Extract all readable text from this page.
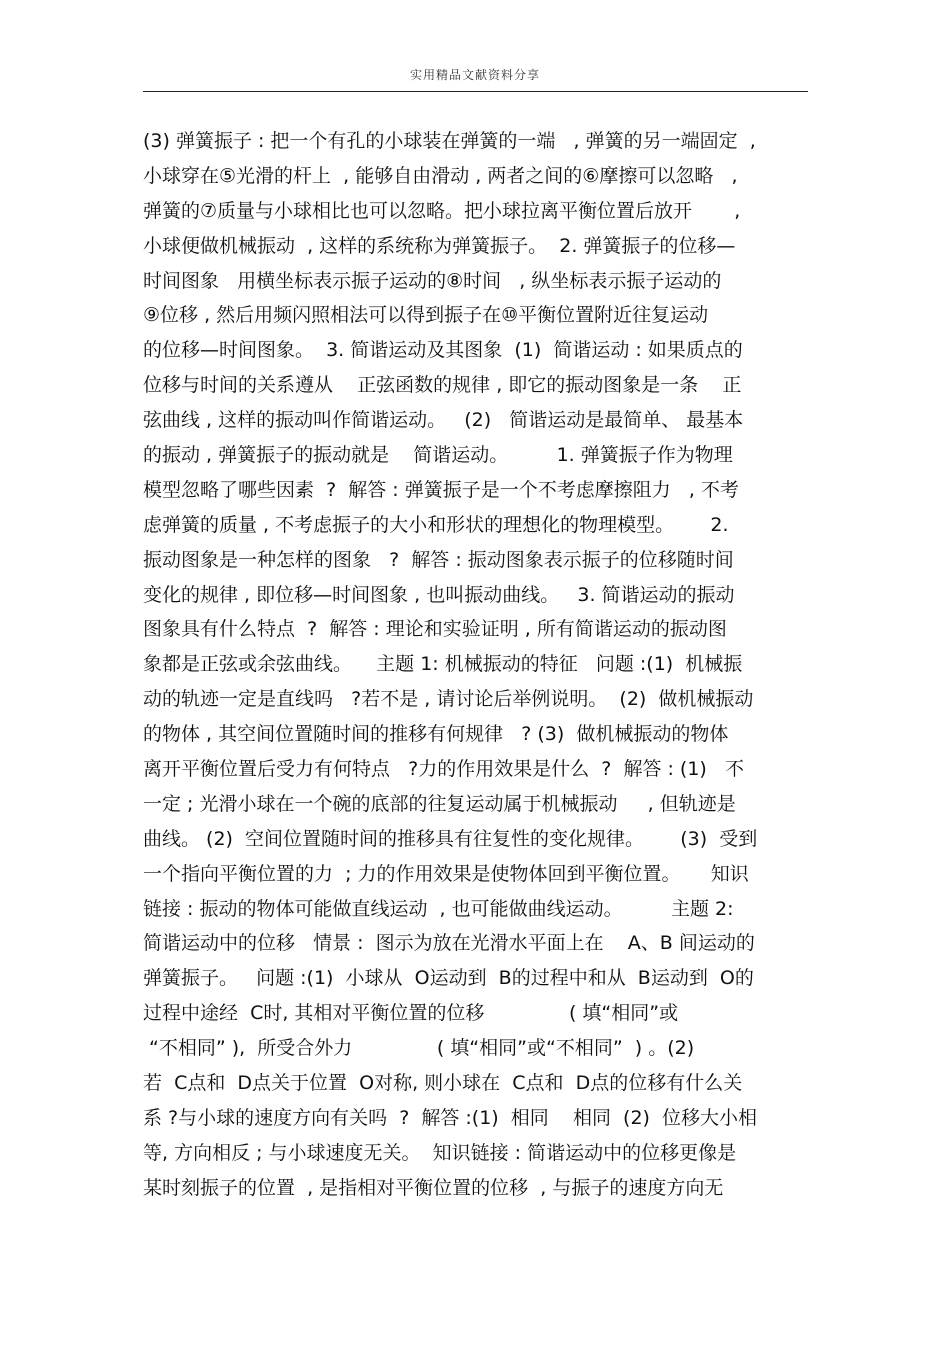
实用精品文献资料分享
(3) 弹簧振子 : 把一个有孔的小球装在弹簧的一端   , 弹簧的另一端固定  ,
小球穿在⑤光滑的杆上  , 能够自由滑动 , 两者之间的⑥摩擦可以忽略   ,
弹簧的⑦质量与小球相比也可以忽略。把小球拉离平衡位置后放开       ,
小球便做机械振动  , 这样的系统称为弹簧振子。  2. 弹簧振子的位移—
时间图象   用横坐标表示振子运动的⑧时间   , 纵坐标表示振子运动的
⑨位移 , 然后用频闪照相法可以得到振子在⑩平衡位置附近往复运动
的位移—时间图象。  3. 简谐运动及其图象  (1)  简谐运动 : 如果质点的
位移与时间的关系遵从    正弦函数的规律 , 即它的振动图象是一条    正
弦曲线 , 这样的振动叫作简谐运动。   (2)   简谐运动是最简单、 最基本
的振动 , 弹簧振子的振动就是    简谐运动。        1. 弹簧振子作为物理
模型忽略了哪些因素  ?  解答 : 弹簧振子是一个不考虑摩擦阻力   , 不考
虑弹簧的质量 , 不考虑振子的大小和形状的理想化的物理模型。      2.
振动图象是一种怎样的图象   ?  解答 : 振动图象表示振子的位移随时间
变化的规律 , 即位移—时间图象 , 也叫振动曲线。   3. 简谐运动的振动
图象具有什么特点  ?  解答 : 理论和实验证明 , 所有简谐运动的振动图
象都是正弦或余弦曲线。    主题 1: 机械振动的特征   问题 :(1)  机械振
动的轨迹一定是直线吗   ?若不是 , 请讨论后举例说明。  (2)  做机械振动
的物体 , 其空间位置随时间的推移有何规律   ? (3)  做机械振动的物体
离开平衡位置后受力有何特点   ?力的作用效果是什么  ?  解答 : (1)   不
一定 ; 光滑小球在一个碗的底部的往复运动属于机械振动     , 但轨迹是
曲线。 (2)  空间位置随时间的推移具有往复性的变化规律。      (3)  受到
一个指向平衡位置的力  ; 力的作用效果是使物体回到平衡位置。     知识
链接 : 振动的物体可能做直线运动  , 也可能做曲线运动。        主题 2:
简谐运动中的位移   情景 :  图示为放在光滑水平面上在    A、B 间运动的
弹簧振子。   问题 :(1)  小球从  O运动到  B的过程中和从  B运动到  O的
过程中途经  C时, 其相对平衡位置的位移              ( 填“相同”或
“不相同” ),  所受合外力              ( 填“相同”或“不相同”  ) 。(2)
若  C点和  D点关于位置  O对称, 则小球在  C点和  D点的位移有什么关
系 ?与小球的速度方向有关吗  ?  解答 :(1)  相同    相同  (2)  位移大小相
等, 方向相反 ; 与小球速度无关。  知识链接 : 简谐运动中的位移更像是
某时刻振子的位置  , 是指相对平衡位置的位移  , 与振子的速度方向无
